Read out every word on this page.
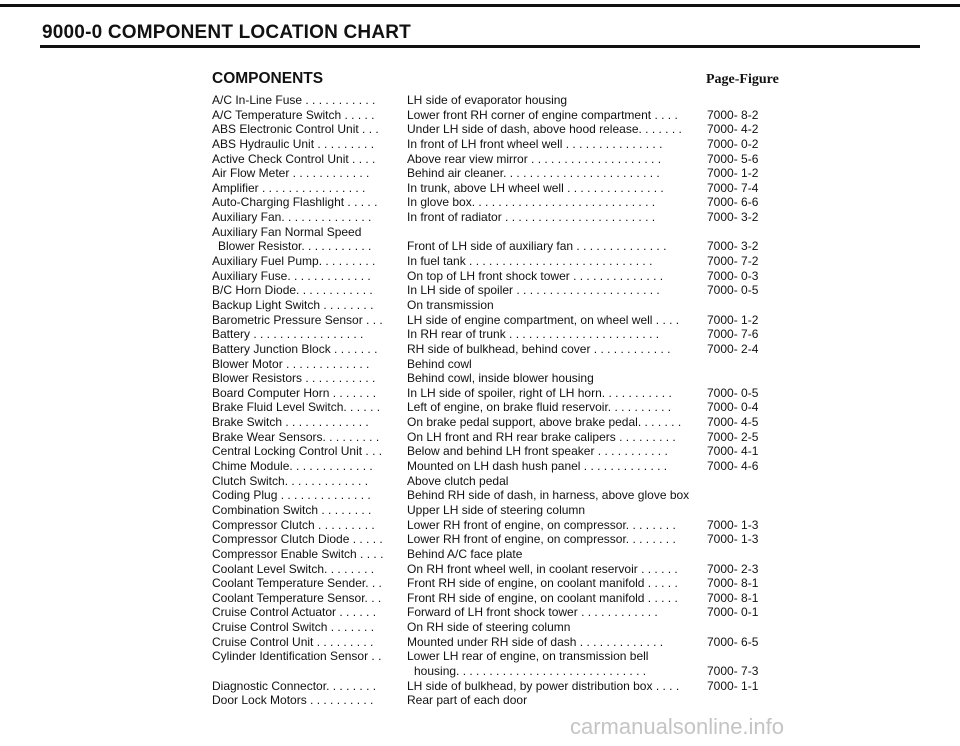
9000-0 COMPONENT LOCATION CHART
COMPONENTS	Page-Figure
A/C In-Line Fuse . . . . . . . . . . .	LH side of evaporator housing
A/C Temperature Switch . . . . .	Lower front RH corner of engine compartment . . . .	7000- 8-2
ABS Electronic Control Unit . . .	Under LH side of dash, above hood release. . . . . . .	7000- 4-2
ABS Hydraulic Unit . . . . . . . . .	In front of LH front wheel well . . . . . . . . . . . . . . .	7000- 0-2
Active Check Control Unit . . . .	Above rear view mirror . . . . . . . . . . . . . . . . . . . .	7000- 5-6
Air Flow Meter . . . . . . . . . . . .	Behind air cleaner. . . . . . . . . . . . . . . . . . . . . . . .	7000- 1-2
Amplifier . . . . . . . . . . . . . . . .	In trunk, above LH wheel well . . . . . . . . . . . . . . .	7000- 7-4
Auto-Charging Flashlight . . . . .	In glove box. . . . . . . . . . . . . . . . . . . . . . . . . . . .	7000- 6-6
Auxiliary Fan. . . . . . . . . . . . . .	In front of radiator . . . . . . . . . . . . . . . . . . . . . . .	7000- 3-2
Auxiliary Fan Normal Speed
Blower Resistor. . . . . . . . . . .	Front of LH side of auxiliary fan . . . . . . . . . . . . . .	7000- 3-2
Auxiliary Fuel Pump. . . . . . . . .	In fuel tank . . . . . . . . . . . . . . . . . . . . . . . . . . . .	7000- 7-2
Auxiliary Fuse. . . . . . . . . . . . .	On top of LH front shock tower . . . . . . . . . . . . . .	7000- 0-3
B/C Horn Diode. . . . . . . . . . . .	In LH side of spoiler . . . . . . . . . . . . . . . . . . . . . .	7000- 0-5
Backup Light Switch . . . . . . . .	On transmission
Barometric Pressure Sensor . . .	LH side of engine compartment, on wheel well . . . .	7000- 1-2
Battery . . . . . . . . . . . . . . . . .	In RH rear of trunk . . . . . . . . . . . . . . . . . . . . . . .	7000- 7-6
Battery Junction Block . . . . . . .	RH side of bulkhead, behind cover . . . . . . . . . . . .	7000- 2-4
Blower Motor . . . . . . . . . . . . .	Behind cowl
Blower Resistors . . . . . . . . . . .	Behind cowl, inside blower housing
Board Computer Horn . . . . . . .	In LH side of spoiler, right of LH horn. . . . . . . . . . .	7000- 0-5
Brake Fluid Level Switch. . . . . .	Left of engine, on brake fluid reservoir. . . . . . . . . .	7000- 0-4
Brake Switch . . . . . . . . . . . . .	On brake pedal support, above brake pedal. . . . . . .	7000- 4-5
Brake Wear Sensors. . . . . . . . .	On LH front and RH rear brake calipers . . . . . . . . .	7000- 2-5
Central Locking Control Unit . . .	Below and behind LH front speaker . . . . . . . . . . .	7000- 4-1
Chime Module. . . . . . . . . . . . .	Mounted on LH dash hush panel . . . . . . . . . . . . .	7000- 4-6
Clutch Switch. . . . . . . . . . . . .	Above clutch pedal
Coding Plug . . . . . . . . . . . . . .	Behind RH side of dash, in harness, above glove box
Combination Switch . . . . . . . .	Upper LH side of steering column
Compressor Clutch . . . . . . . . .	Lower RH front of engine, on compressor. . . . . . . .	7000- 1-3
Compressor Clutch Diode . . . . .	Lower RH front of engine, on compressor. . . . . . . .	7000- 1-3
Compressor Enable Switch . . . .	Behind A/C face plate
Coolant Level Switch. . . . . . . .	On RH front wheel well, in coolant reservoir . . . . . .	7000- 2-3
Coolant Temperature Sender. . .	Front RH side of engine, on coolant manifold . . . . .	7000- 8-1
Coolant Temperature Sensor. . .	Front RH side of engine, on coolant manifold . . . . .	7000- 8-1
Cruise Control Actuator . . . . . .	Forward of LH front shock tower . . . . . . . . . . . .	7000- 0-1
Cruise Control Switch . . . . . . .	On RH side of steering column
Cruise Control Unit . . . . . . . . .	Mounted under RH side of dash . . . . . . . . . . . . .	7000- 6-5
Cylinder Identification Sensor . .	Lower LH rear of engine, on transmission bell
housing. . . . . . . . . . . . . . . . . . . . . . . . . . . . .	7000- 7-3
Diagnostic Connector. . . . . . . .	LH side of bulkhead, by power distribution box . . . .	7000- 1-1
Door Lock Motors . . . . . . . . . .	Rear part of each door
carmanualsonline.info
